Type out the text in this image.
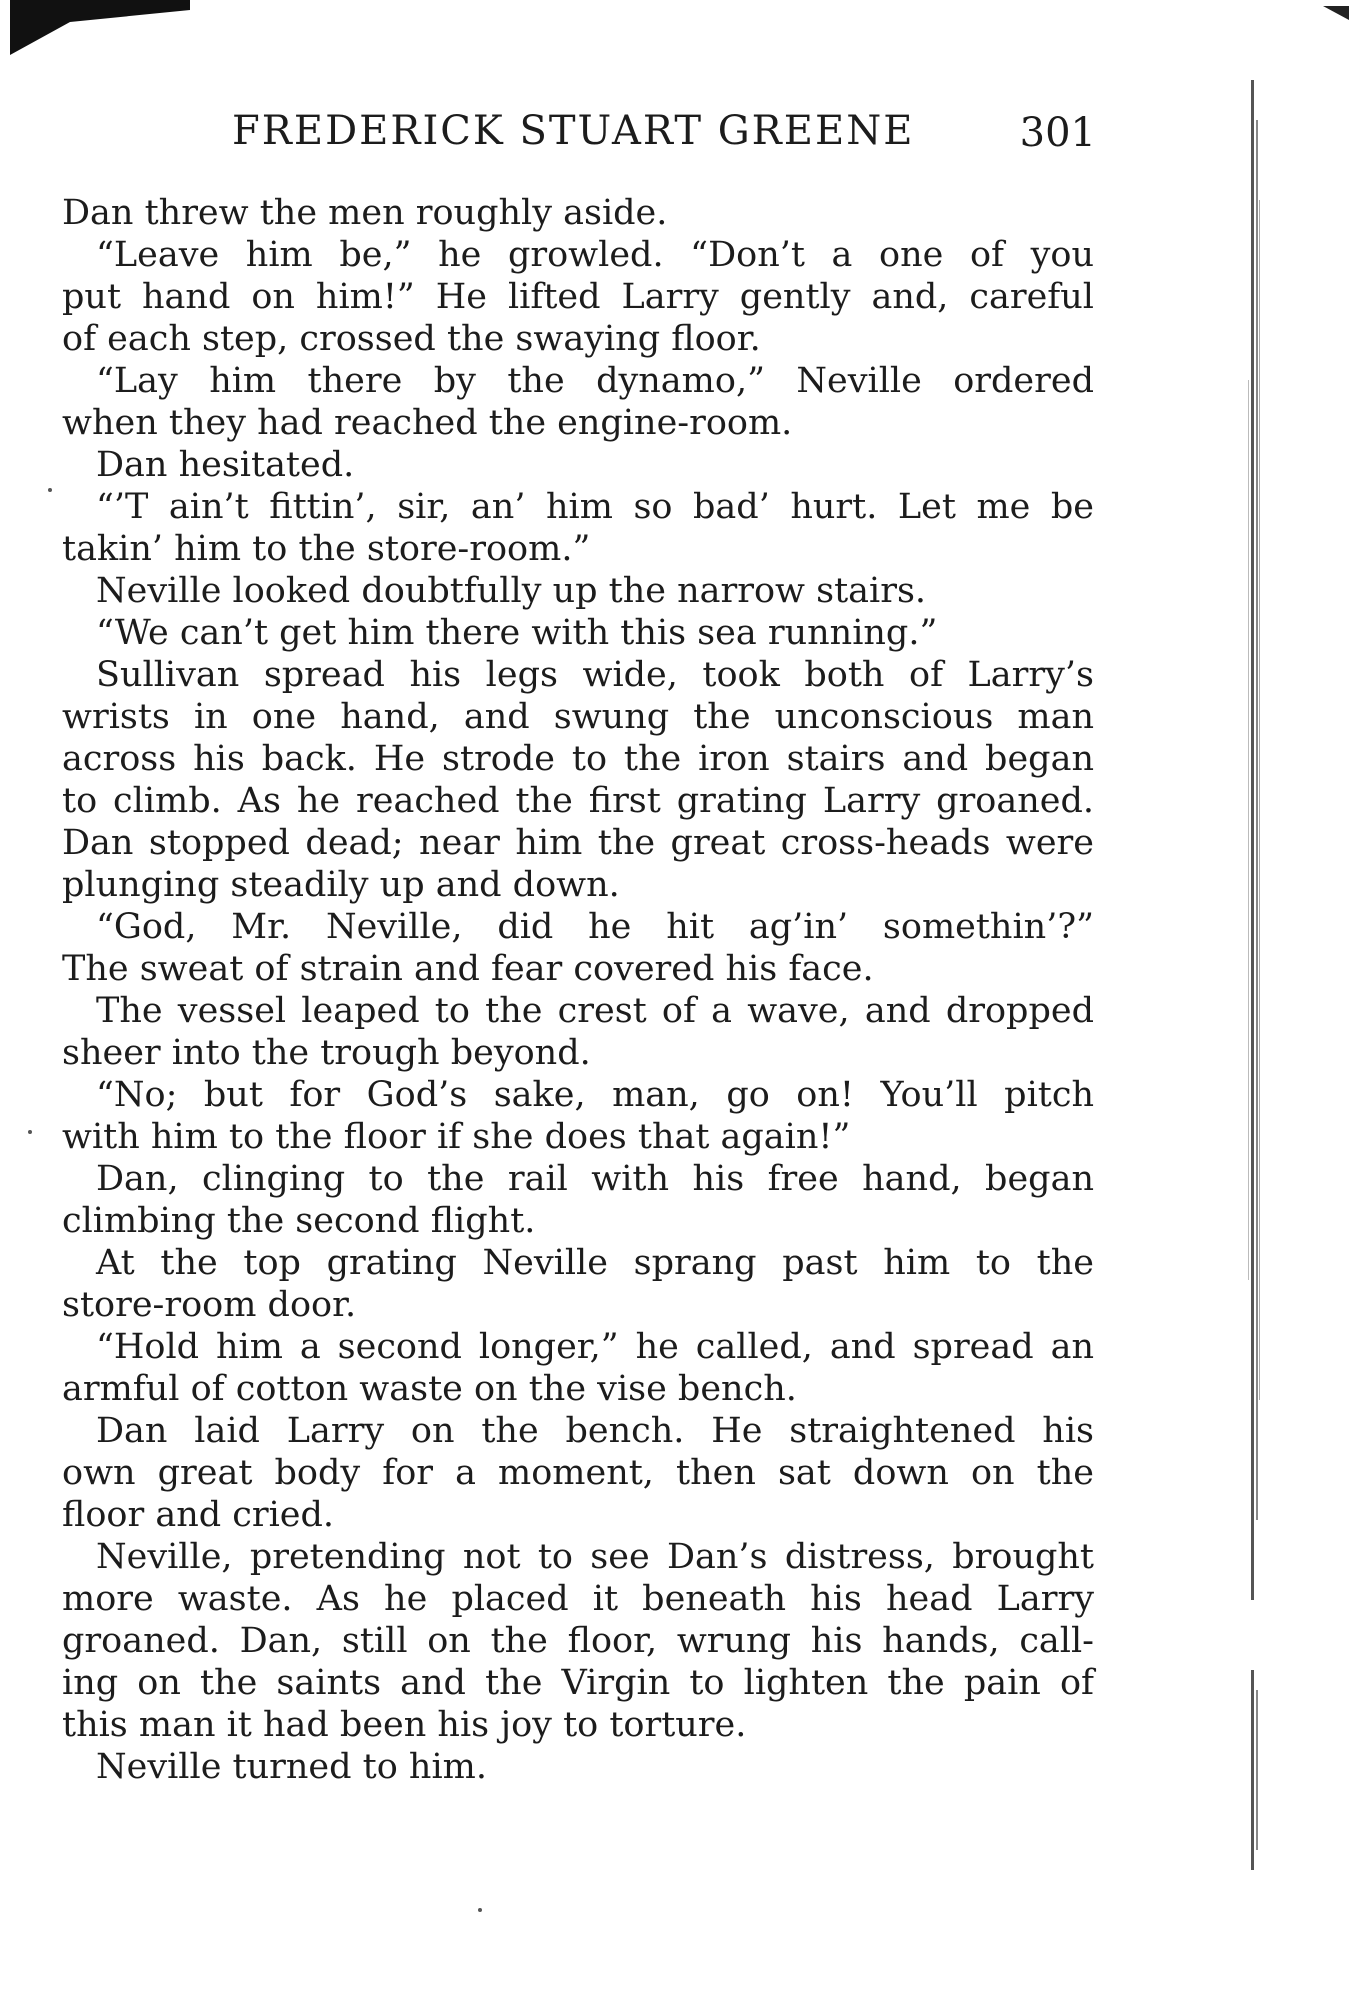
FREDERICK STUART GREENE	301
Dan threw the men roughly aside.
“Leave him be,” he growled. “Don’t a one of you
put hand on him!” He lifted Larry gently and, careful
of each step, crossed the swaying floor.
“Lay him there by the dynamo,” Neville ordered
when they had reached the engine-room.
Dan hesitated.
“’T ain’t fittin’, sir, an’ him so bad’ hurt. Let me be
takin’ him to the store-room.”
Neville looked doubtfully up the narrow stairs.
“We can’t get him there with this sea running.”
Sullivan spread his legs wide, took both of Larry’s
wrists in one hand, and swung the unconscious man
across his back. He strode to the iron stairs and began
to climb. As he reached the first grating Larry groaned.
Dan stopped dead; near him the great cross-heads were
plunging steadily up and down.
“God, Mr. Neville, did he hit ag’in’ somethin’?”
The sweat of strain and fear covered his face.
The vessel leaped to the crest of a wave, and dropped
sheer into the trough beyond.
“No; but for God’s sake, man, go on! You’ll pitch
with him to the floor if she does that again!”
Dan, clinging to the rail with his free hand, began
climbing the second flight.
At the top grating Neville sprang past him to the
store-room door.
“Hold him a second longer,” he called, and spread an
armful of cotton waste on the vise bench.
Dan laid Larry on the bench. He straightened his
own great body for a moment, then sat down on the
floor and cried.
Neville, pretending not to see Dan’s distress, brought
more waste. As he placed it beneath his head Larry
groaned. Dan, still on the floor, wrung his hands, call-
ing on the saints and the Virgin to lighten the pain of
this man it had been his joy to torture.
Neville turned to him.
